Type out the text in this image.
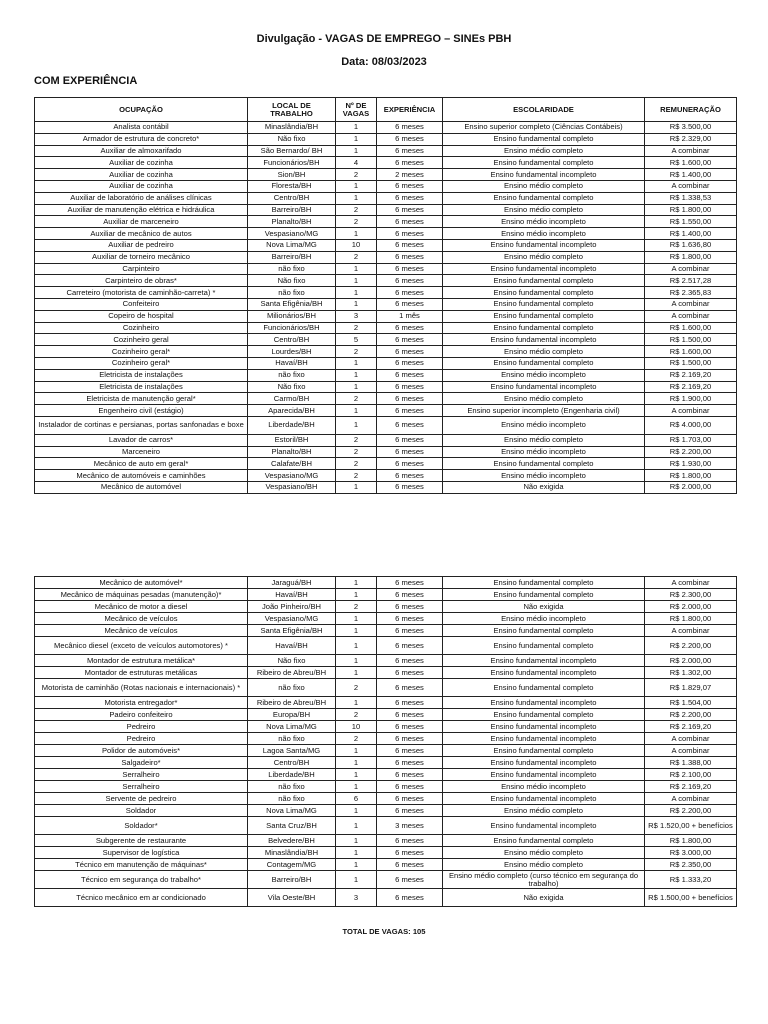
Divulgação - VAGAS DE EMPREGO – SINEs PBH
Data: 08/03/2023
COM EXPERIÊNCIA
OCUPAÇÃO	LOCAL DE TRABALHO	Nº DE VAGAS	EXPERIÊNCIA	ESCOLARIDADE	REMUNERAÇÃO
Analista contábil	Minaslândia/BH	1	6 meses	Ensino superior completo (Ciências Contábeis)	R$ 3.500,00
Armador de estrutura de concreto*	Não fixo	1	6 meses	Ensino fundamental completo	R$ 2.329,00
Auxiliar de almoxarifado	São Bernardo/ BH	1	6 meses	Ensino médio completo	A combinar
Auxiliar de cozinha	Funcionários/BH	4	6 meses	Ensino fundamental completo	R$ 1.600,00
Auxiliar de cozinha	Sion/BH	2	2 meses	Ensino fundamental incompleto	R$ 1.400,00
Auxiliar de cozinha	Floresta/BH	1	6 meses	Ensino médio completo	A combinar
Auxiliar de laboratório de análises clínicas	Centro/BH	1	6 meses	Ensino fundamental completo	R$ 1.338,53
Auxiliar de manutenção elétrica e hidráulica	Barreiro/BH	2	6 meses	Ensino médio completo	R$ 1.800,00
Auxiliar de marceneiro	Planalto/BH	2	6 meses	Ensino médio incompleto	R$ 1.550,00
Auxiliar de mecânico de autos	Vespasiano/MG	1	6 meses	Ensino médio incompleto	R$ 1.400,00
Auxiliar de pedreiro	Nova Lima/MG	10	6 meses	Ensino fundamental incompleto	R$ 1.636,80
Auxiliar de torneiro mecânico	Barreiro/BH	2	6 meses	Ensino médio completo	R$ 1.800,00
Carpinteiro	não fixo	1	6 meses	Ensino fundamental incompleto	A combinar
Carpinteiro de obras*	Não fixo	1	6 meses	Ensino fundamental completo	R$ 2.517,28
Carreteiro (motorista de caminhão-carreta) *	não fixo	1	6 meses	Ensino fundamental completo	R$ 2.365,83
Confeiteiro	Santa Efigênia/BH	1	6 meses	Ensino fundamental completo	A combinar
Copeiro de hospital	Milionários/BH	3	1 mês	Ensino fundamental completo	A combinar
Cozinheiro	Funcionários/BH	2	6 meses	Ensino fundamental completo	R$ 1.600,00
Cozinheiro geral	Centro/BH	5	6 meses	Ensino fundamental incompleto	R$ 1.500,00
Cozinheiro geral*	Lourdes/BH	2	6 meses	Ensino médio completo	R$ 1.600,00
Cozinheiro geral*	Havaí/BH	1	6 meses	Ensino fundamental completo	R$ 1.500,00
Eletricista de instalações	não fixo	1	6 meses	Ensino médio incompleto	R$ 2.169,20
Eletricista de instalações	Não fixo	1	6 meses	Ensino fundamental incompleto	R$ 2.169,20
Eletricista de manutenção geral*	Carmo/BH	2	6 meses	Ensino médio completo	R$ 1.900,00
Engenheiro civil (estágio)	Aparecida/BH	1	6 meses	Ensino superior incompleto (Engenharia civil)	A combinar
Instalador de cortinas e persianas, portas sanfonadas e boxe	Liberdade/BH	1	6 meses	Ensino médio incompleto	R$ 4.000,00
Lavador de carros*	Estoril/BH	2	6 meses	Ensino médio completo	R$ 1.703,00
Marceneiro	Planalto/BH	2	6 meses	Ensino médio incompleto	R$ 2.200,00
Mecânico de auto em geral*	Calafate/BH	2	6 meses	Ensino fundamental completo	R$ 1.930,00
Mecânico de automóveis e caminhões	Vespasiano/MG	2	6 meses	Ensino médio incompleto	R$ 1.800,00
Mecânico de automóvel	Vespasiano/BH	1	6 meses	Não exigida	R$ 2.000,00
Mecânico de automóvel*	Jaraguá/BH	1	6 meses	Ensino fundamental completo	A combinar
Mecânico de máquinas pesadas (manutenção)*	Havaí/BH	1	6 meses	Ensino fundamental completo	R$ 2.300,00
Mecânico de motor a diesel	João Pinheiro/BH	2	6 meses	Não exigida	R$ 2.000,00
Mecânico de veículos	Vespasiano/MG	1	6 meses	Ensino médio incompleto	R$ 1.800,00
Mecânico de veículos	Santa Efigênia/BH	1	6 meses	Ensino fundamental completo	A combinar
Mecânico diesel (exceto de veículos automotores) *	Havaí/BH	1	6 meses	Ensino fundamental completo	R$ 2.200,00
Montador de estrutura metálica*	Não fixo	1	6 meses	Ensino fundamental incompleto	R$ 2.000,00
Montador de estruturas metálicas	Ribeiro de Abreu/BH	1	6 meses	Ensino fundamental incompleto	R$ 1.302,00
Motorista de caminhão (Rotas nacionais e internacionais) *	não fixo	2	6 meses	Ensino fundamental completo	R$ 1.829,07
Motorista entregador*	Ribeiro de Abreu/BH	1	6 meses	Ensino fundamental incompleto	R$ 1.504,00
Padeiro confeiteiro	Europa/BH	2	6 meses	Ensino fundamental completo	R$ 2.200,00
Pedreiro	Nova Lima/MG	10	6 meses	Ensino fundamental incompleto	R$ 2.169,20
Pedreiro	não fixo	2	6 meses	Ensino fundamental incompleto	A combinar
Polidor de automóveis*	Lagoa Santa/MG	1	6 meses	Ensino fundamental completo	A combinar
Salgadeiro*	Centro/BH	1	6 meses	Ensino fundamental incompleto	R$ 1.388,00
Serralheiro	Liberdade/BH	1	6 meses	Ensino fundamental incompleto	R$ 2.100,00
Serralheiro	não fixo	1	6 meses	Ensino médio incompleto	R$ 2.169,20
Servente de pedreiro	não fixo	6	6 meses	Ensino fundamental incompleto	A combinar
Soldador	Nova Lima/MG	1	6 meses	Ensino médio completo	R$ 2.200,00
Soldador*	Santa Cruz/BH	1	3 meses	Ensino fundamental incompleto	R$ 1.520,00 + benefícios
Subgerente de restaurante	Belvedere/BH	1	6 meses	Ensino fundamental completo	R$ 1.800,00
Supervisor de logística	Minaslândia/BH	1	6 meses	Ensino médio completo	R$ 3.000,00
Técnico em manutenção de máquinas*	Contagem/MG	1	6 meses	Ensino médio completo	R$ 2.350,00
Técnico em segurança do trabalho*	Barreiro/BH	1	6 meses	Ensino médio completo (curso técnico em segurança do trabalho)	R$ 1.333,20
Técnico mecânico em ar condicionado	Vila Oeste/BH	3	6 meses	Não exigida	R$ 1.500,00 + benefícios
TOTAL DE VAGAS: 105
